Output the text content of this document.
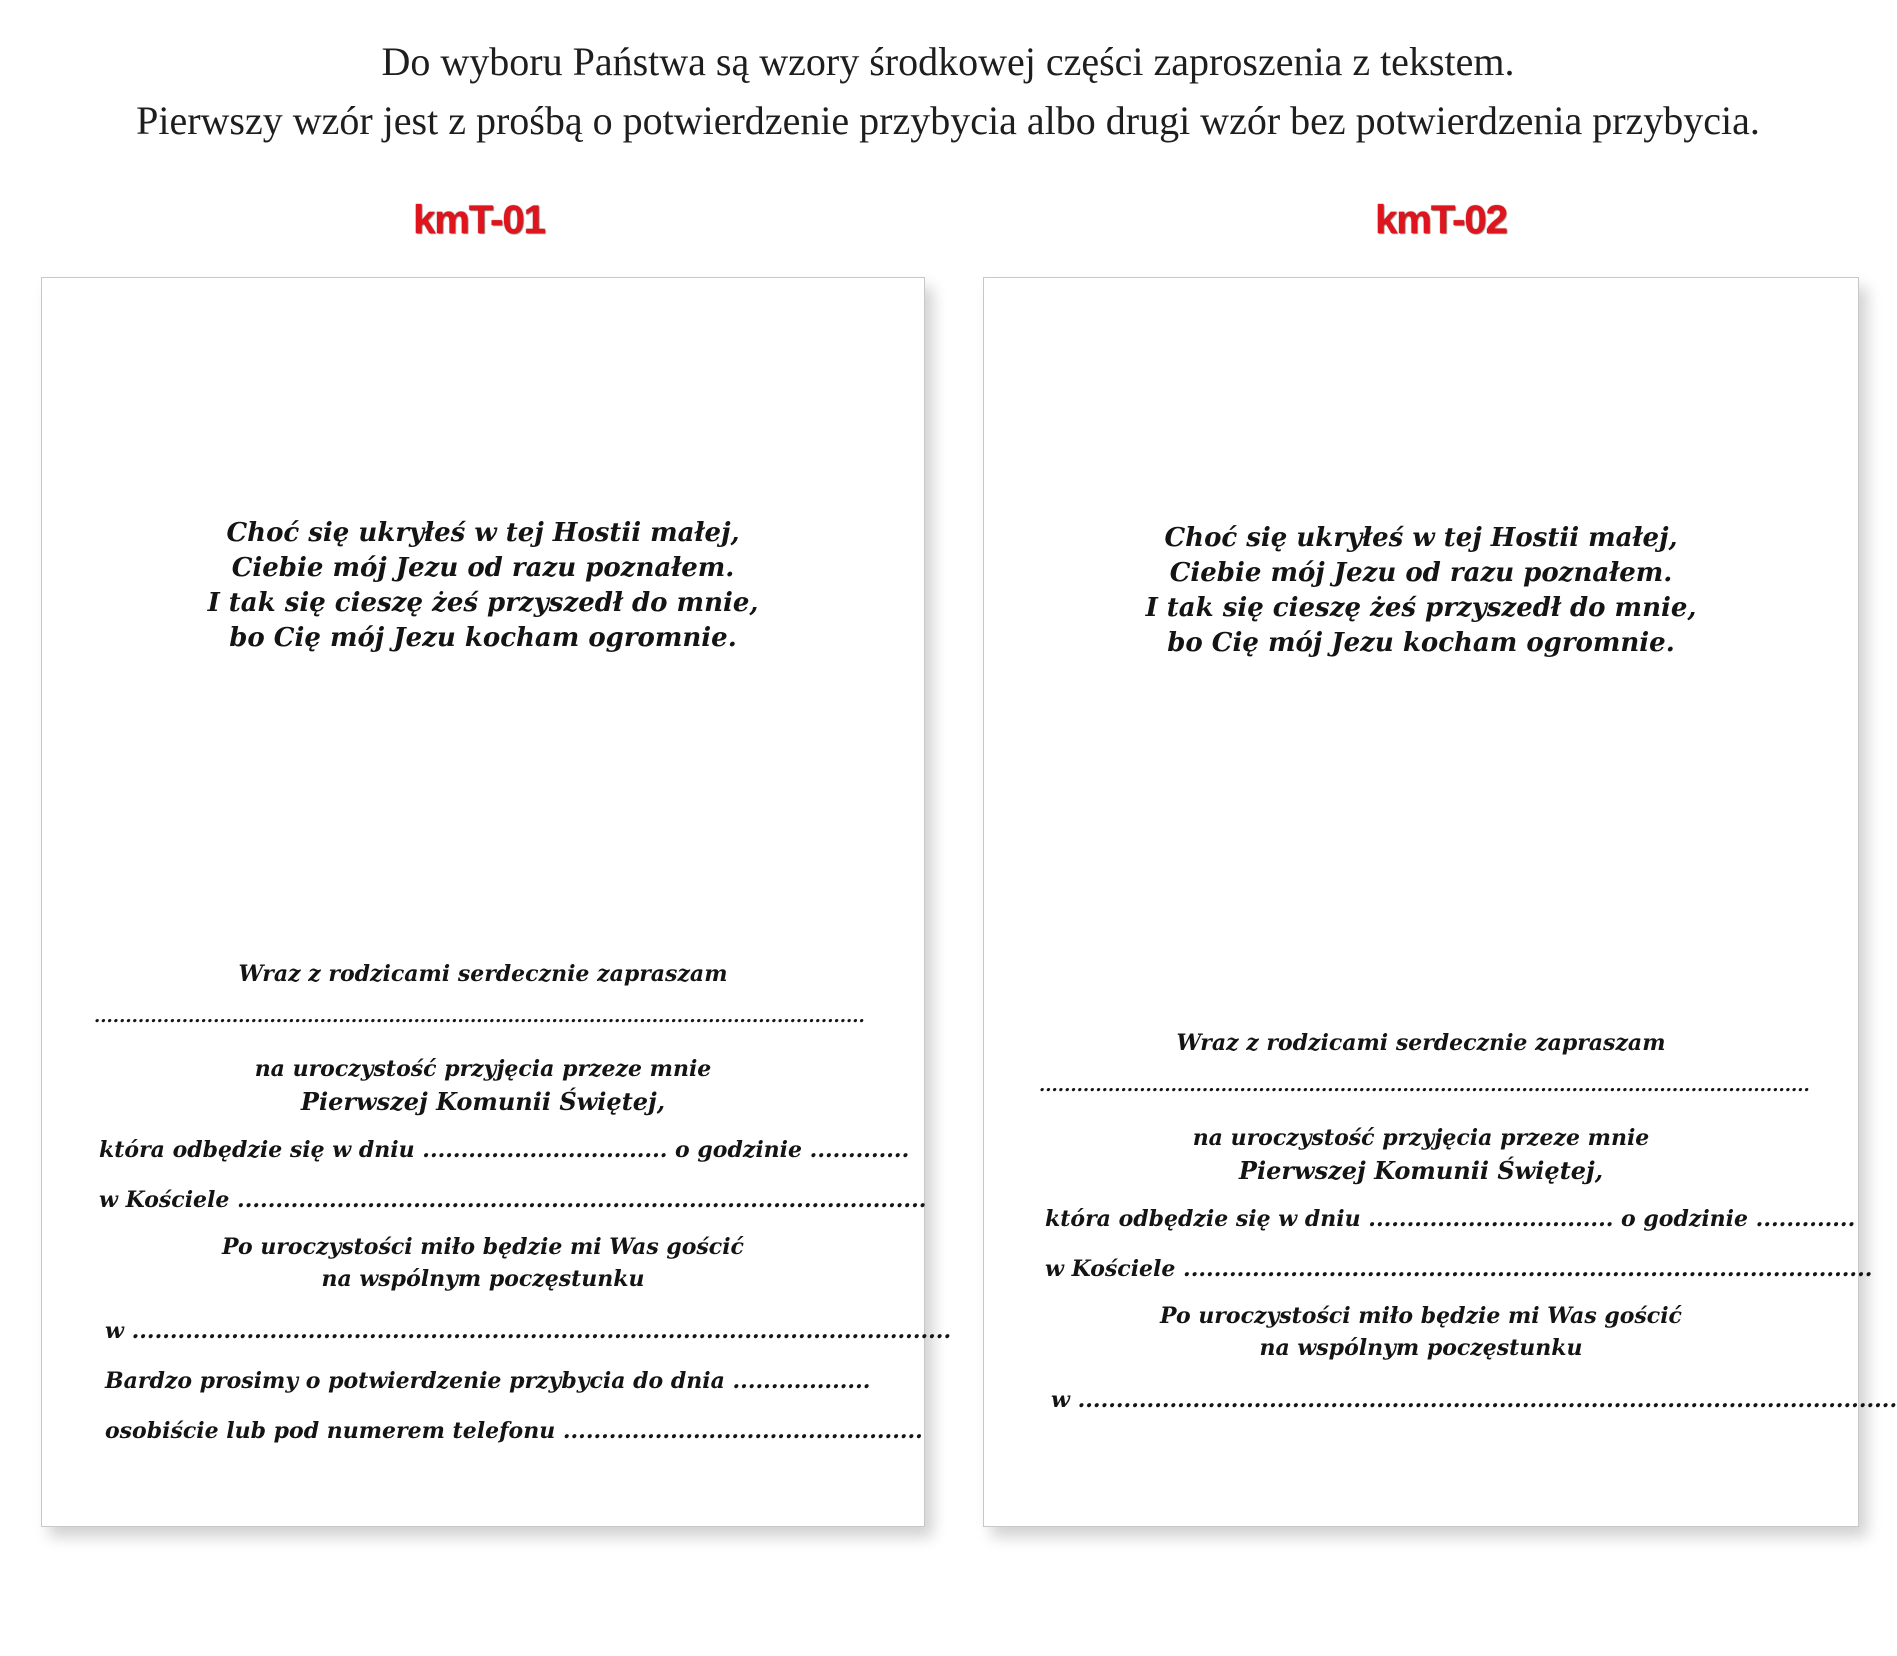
Do wyboru Państwa są wzory środkowej części zaproszenia z tekstem.
Pierwszy wzór jest z prośbą o potwierdzenie przybycia albo drugi wzór bez potwierdzenia przybycia.
kmT-01	kmT-02
Choć się ukryłeś w tej Hostii małej,
Ciebie mój Jezu od razu poznałem.
I tak się cieszę żeś przyszedł do mnie,
bo Cię mój Jezu kocham ogromnie.
Wraz z rodzicami serdecznie zapraszam
...........................................................................................................................
na uroczystość przyjęcia przeze mnie
Pierwszej Komunii Świętej,
która odbędzie się w dniu ................................ o godzinie .............
w Kościele ..........................................................................................
Po uroczystości miło będzie mi Was gościć
na wspólnym poczęstunku
w ...........................................................................................................
Bardzo prosimy o potwierdzenie przybycia do dnia ..................
osobiście lub pod numerem telefonu ...............................................
Choć się ukryłeś w tej Hostii małej,
Ciebie mój Jezu od razu poznałem.
I tak się cieszę żeś przyszedł do mnie,
bo Cię mój Jezu kocham ogromnie.
Wraz z rodzicami serdecznie zapraszam
...........................................................................................................................
na uroczystość przyjęcia przeze mnie
Pierwszej Komunii Świętej,
która odbędzie się w dniu ................................ o godzinie .............
w Kościele ..........................................................................................
Po uroczystości miło będzie mi Was gościć
na wspólnym poczęstunku
w ...........................................................................................................
